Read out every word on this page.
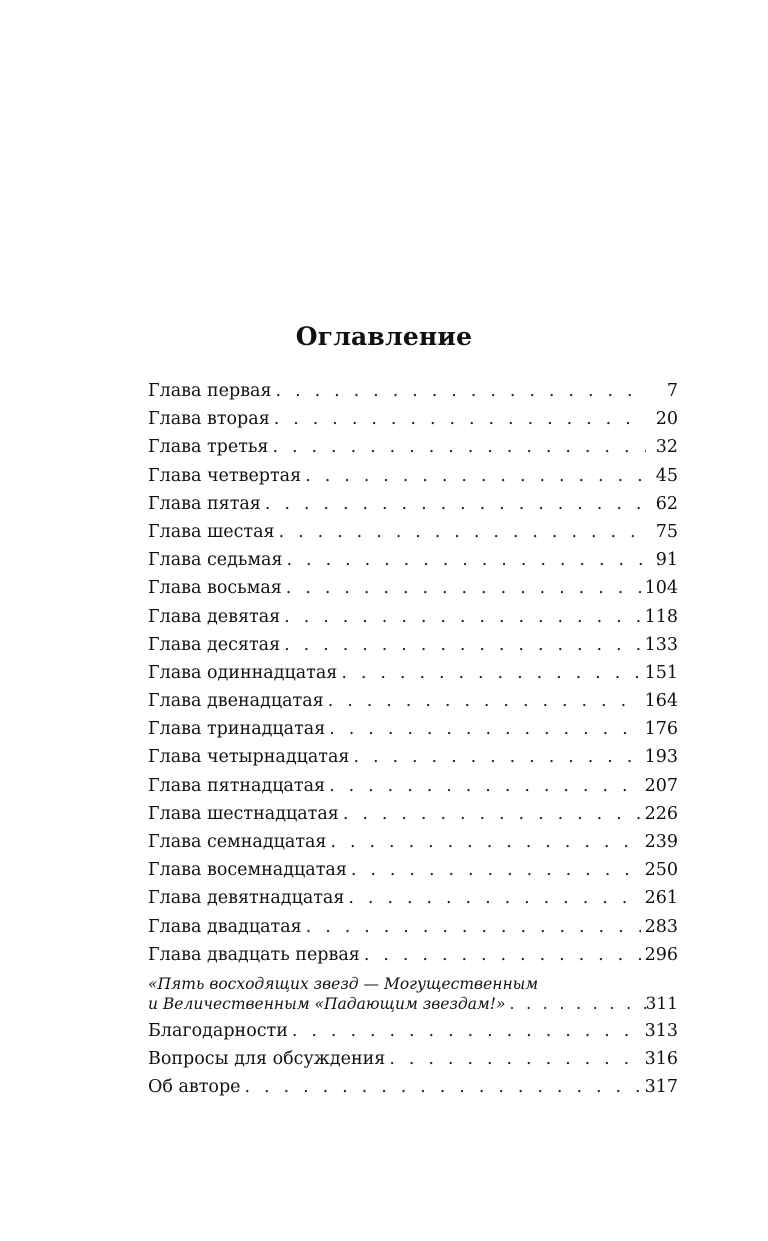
Оглавление
Глава первая . . .	7
Глава вторая . . .	20
Глава третья . . .	32
Глава четвертая . . .	45
Глава пятая . . .	62
Глава шестая . . .	75
Глава седьмая . . .	91
Глава восьмая . . .	104
Глава девятая . . .	118
Глава десятая . . .	133
Глава одиннадцатая . . .	151
Глава двенадцатая . . .	164
Глава тринадцатая . . .	176
Глава четырнадцатая . . .	193
Глава пятнадцатая . . .	207
Глава шестнадцатая . . .	226
Глава семнадцатая . . .	239
Глава восемнадцатая . . .	250
Глава девятнадцатая . . .	261
Глава двадцатая . . .	283
Глава двадцать первая . . .	296
«Пять восходящих звезд — Могущественным
и Величественным «Падающим звездам!» . . .	311
Благодарности . . .	313
Вопросы для обсуждения . . .	316
Об авторе . . .	317
